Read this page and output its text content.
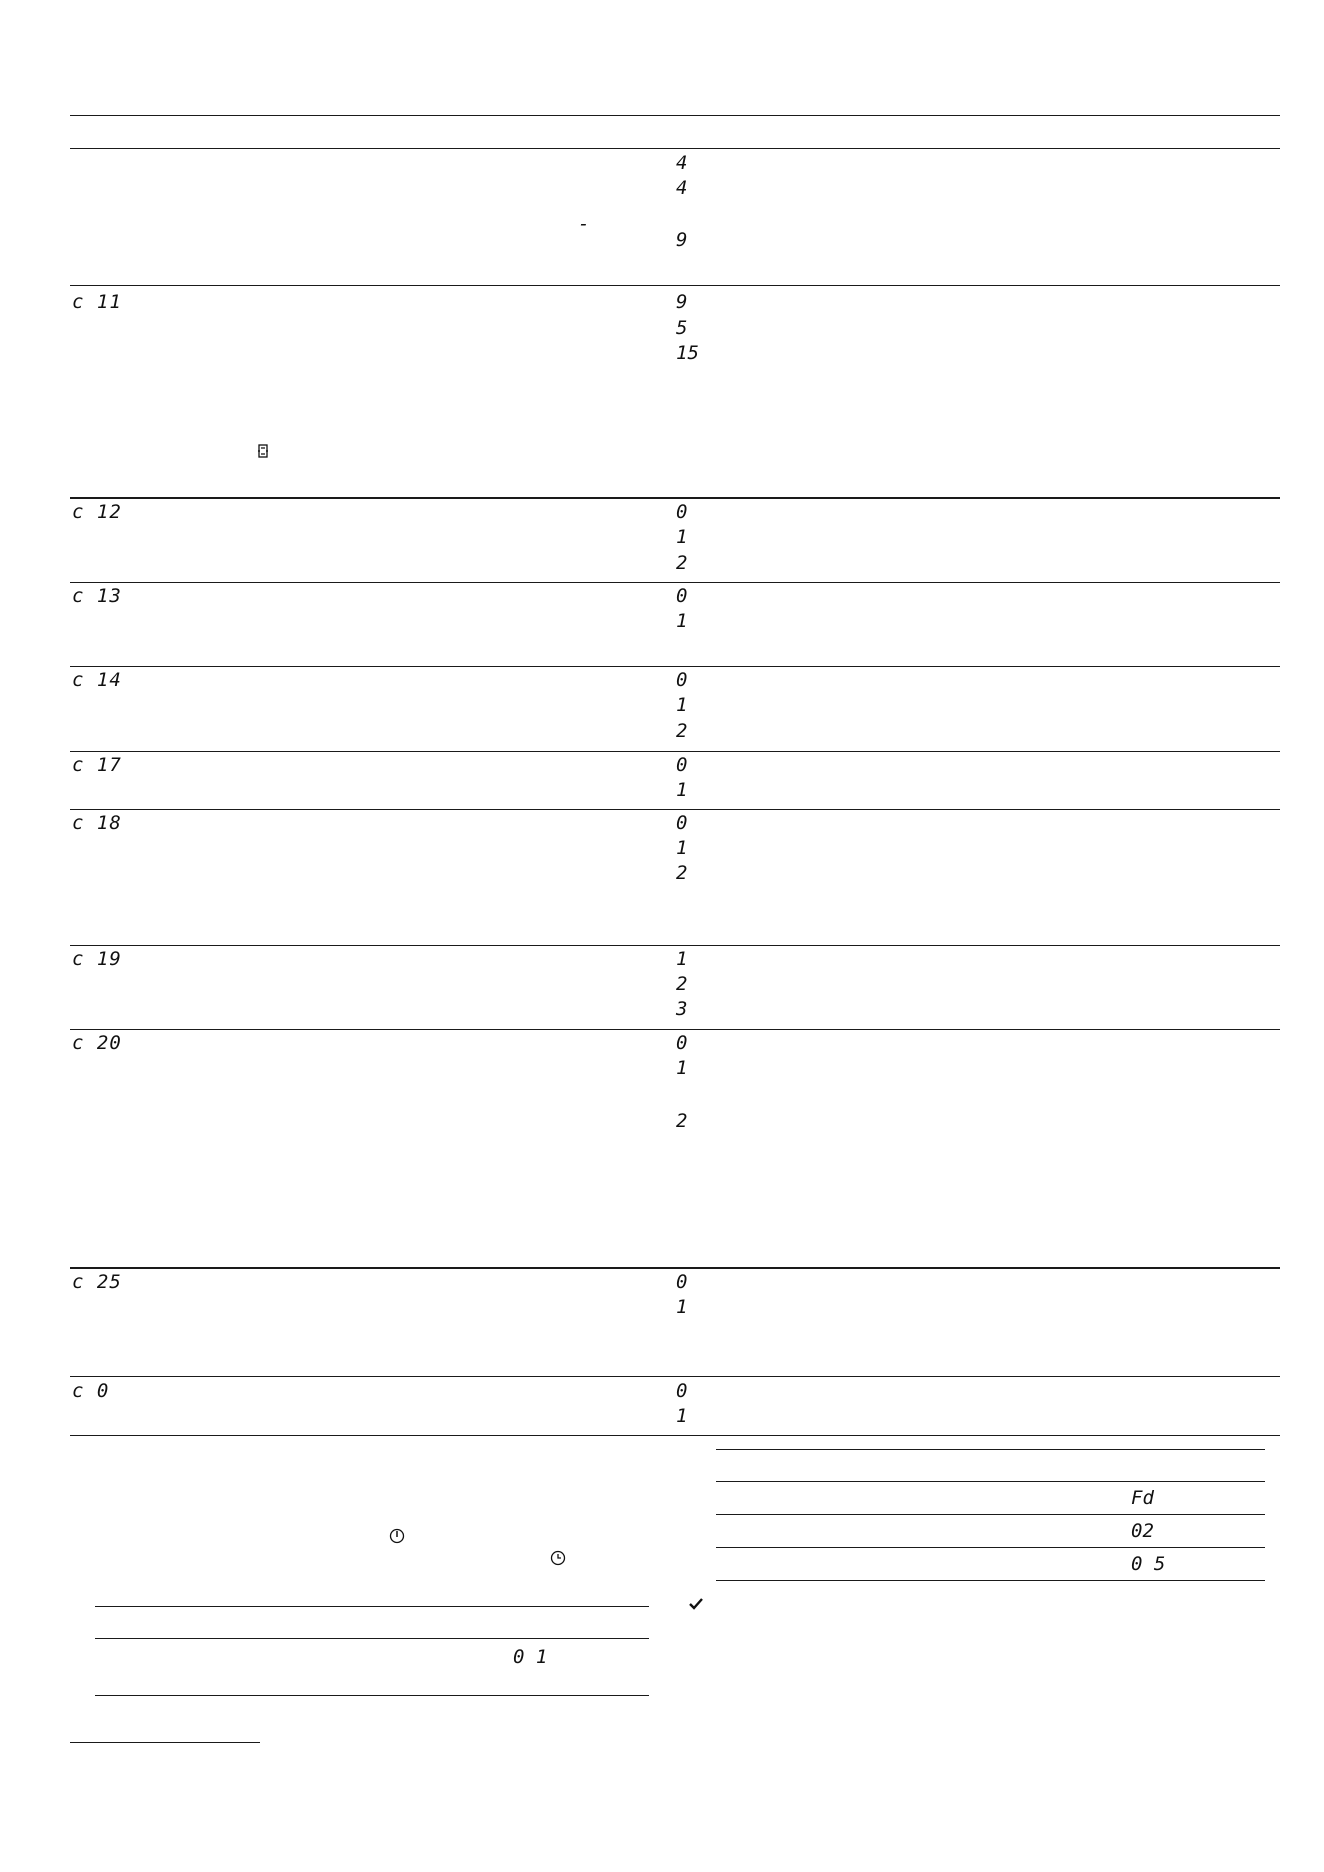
4
4
9
-
c 11	9
5
15
c 12	0
1
2
c 13	0
1
c 14	0
1
2
c 17	0
1
c 18	0
1
2
c 19	1
2
3
c 20	0
1
2
c 25	0
1
c 0	0
1
0 1
Fd
02
0 5
